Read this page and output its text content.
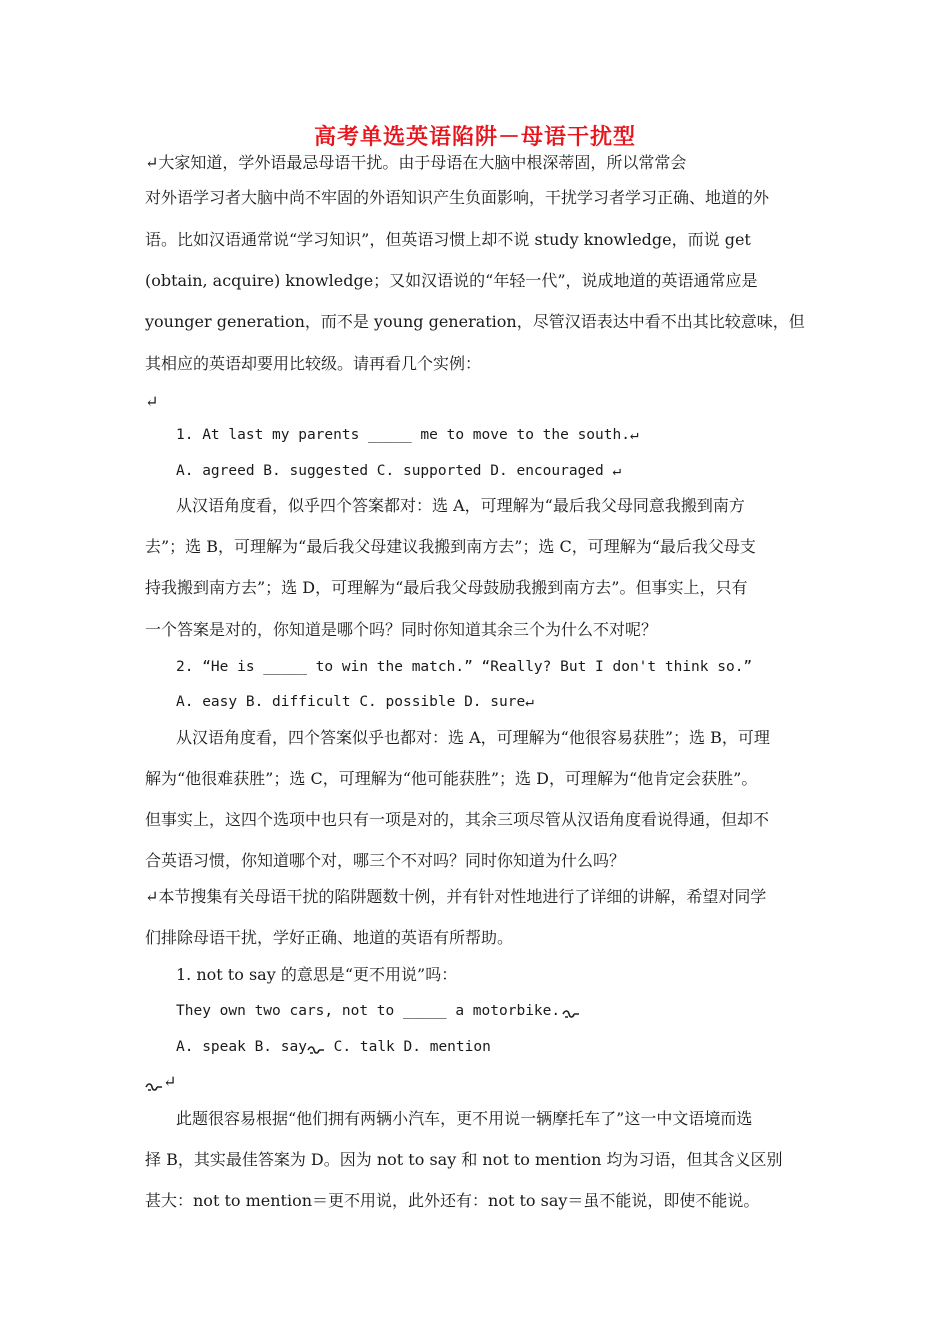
高考单选英语陷阱－母语干扰型
↵大家知道，学外语最忌母语干扰。由于母语在大脑中根深蒂固，所以常常会
对外语学习者大脑中尚不牢固的外语知识产生负面影响，干扰学习者学习正确、地道的外
语。比如汉语通常说“学习知识”，但英语习惯上却不说 study knowledge，而说 get
(obtain, acquire) knowledge；又如汉语说的“年轻一代”，说成地道的英语通常应是
younger generation，而不是 young generation，尽管汉语表达中看不出其比较意味，但
其相应的英语却要用比较级。请再看几个实例：
↵
1. At last my parents _____ me to move to the south.↵
A. agreed B. suggested C. supported D. encouraged ↵
从汉语角度看，似乎四个答案都对：选 A，可理解为“最后我父母同意我搬到南方
去”；选 B，可理解为“最后我父母建议我搬到南方去”；选 C，可理解为“最后我父母支
持我搬到南方去”；选 D，可理解为“最后我父母鼓励我搬到南方去”。但事实上，只有
一个答案是对的，你知道是哪个吗？同时你知道其余三个为什么不对呢？
2. “He is _____ to win the match.” “Really? But I don't think so.”
A. easy B. difficult C. possible D. sure↵
从汉语角度看，四个答案似乎也都对：选 A，可理解为“他很容易获胜”；选 B，可理
解为“他很难获胜”；选 C，可理解为“他可能获胜”；选 D，可理解为“他肯定会获胜”。
但事实上，这四个选项中也只有一项是对的，其余三项尽管从汉语角度看说得通，但却不
合英语习惯，你知道哪个对，哪三个不对吗？同时你知道为什么吗？
↵本节搜集有关母语干扰的陷阱题数十例，并有针对性地进行了详细的讲解，希望对同学
们排除母语干扰，学好正确、地道的英语有所帮助。
1. not to say 的意思是“更不用说”吗：
They own two cars, not to _____ a motorbike.
A. speak B. say C. talk D. mention
↵
此题很容易根据“他们拥有两辆小汽车，更不用说一辆摩托车了”这一中文语境而选
择 B，其实最佳答案为 D。因为 not to say 和 not to mention 均为习语，但其含义区别
甚大：not to mention＝更不用说，此外还有：not to say＝虽不能说，即使不能说。
